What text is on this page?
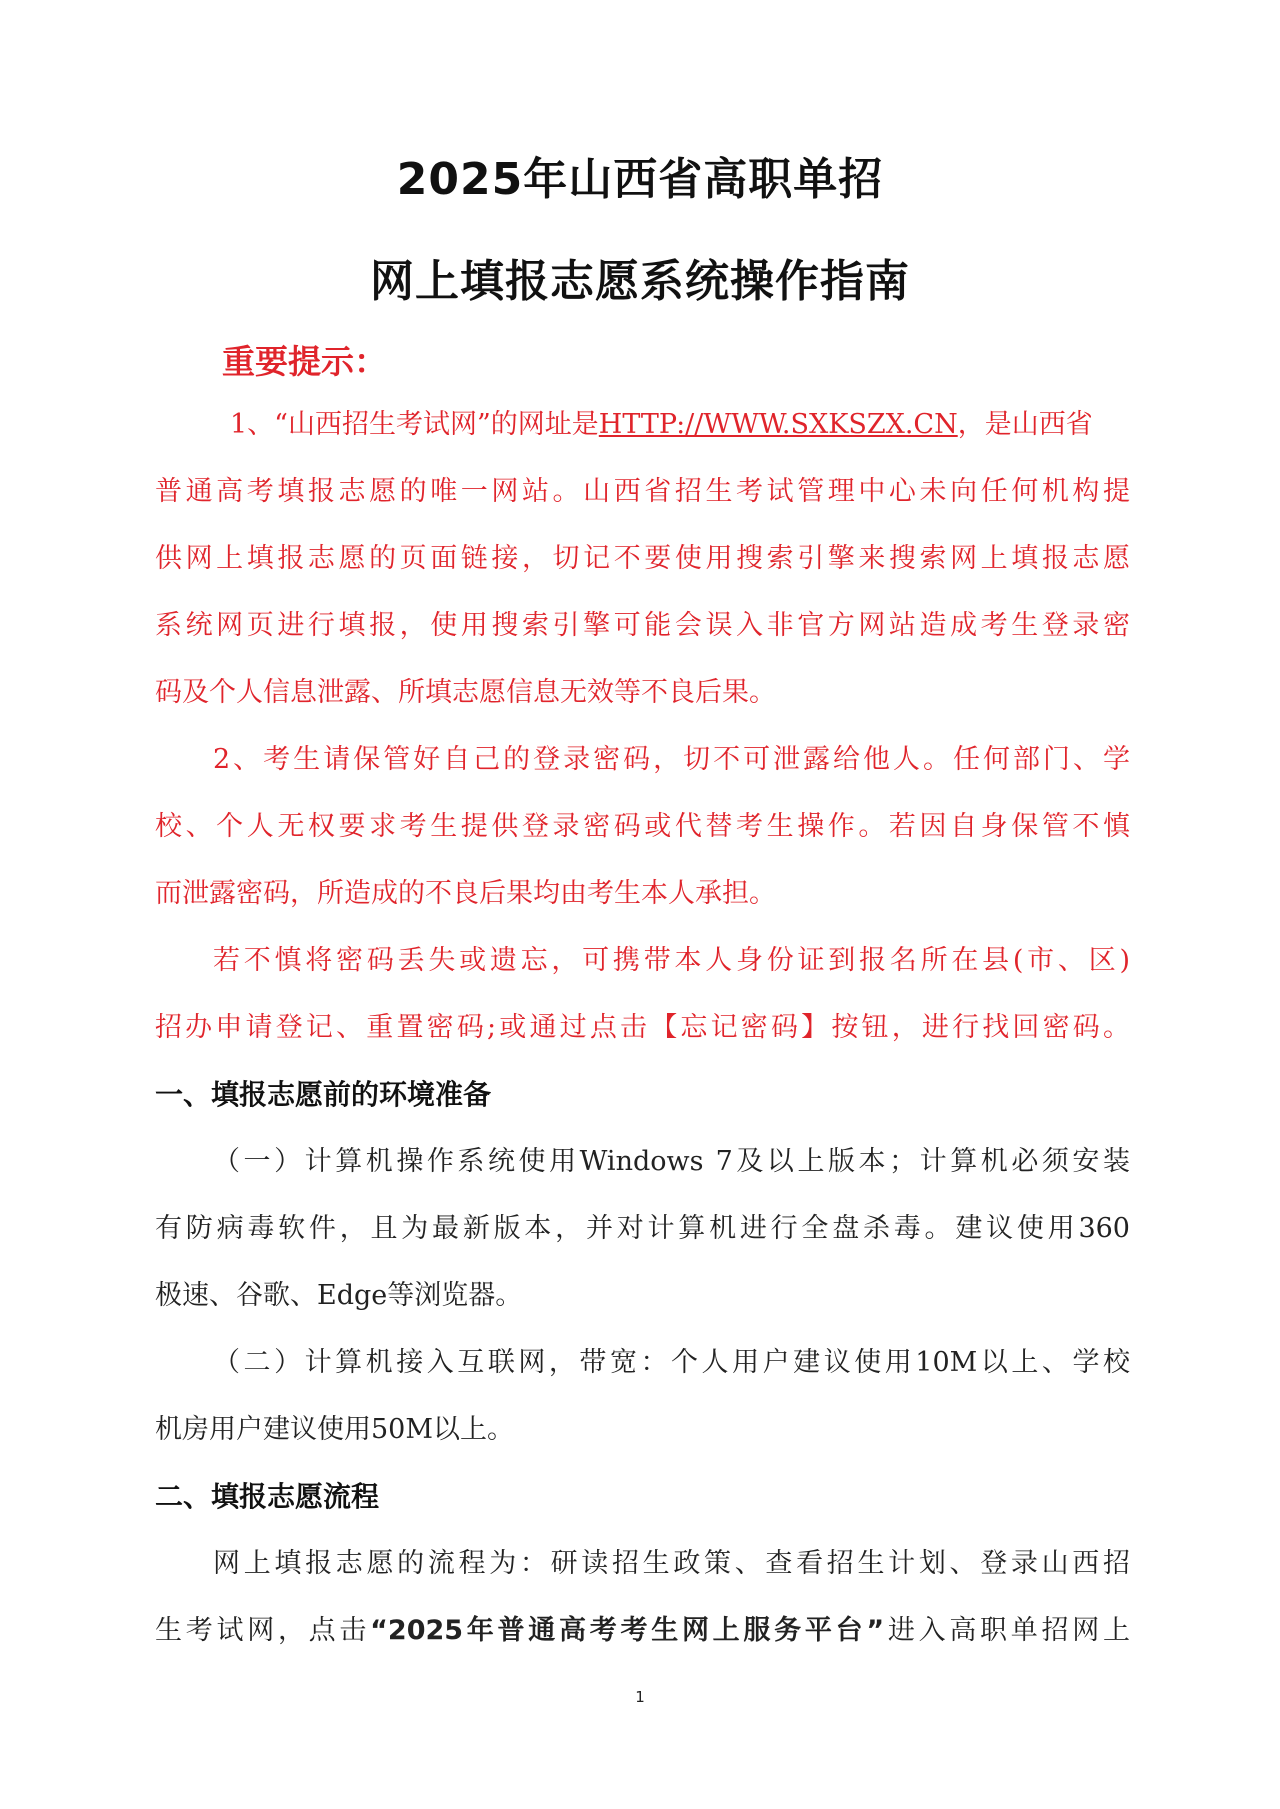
2025年山西省高职单招
网上填报志愿系统操作指南
重要提示：
1、“山西招生考试网”的网址是HTTP://WWW.SXKSZX.CN，是山西省
普通高考填报志愿的唯一网站。山西省招生考试管理中心未向任何机构提
供网上填报志愿的页面链接，切记不要使用搜索引擎来搜索网上填报志愿
系统网页进行填报，使用搜索引擎可能会误入非官方网站造成考生登录密
码及个人信息泄露、所填志愿信息无效等不良后果。
2、考生请保管好自己的登录密码，切不可泄露给他人。任何部门、学
校、个人无权要求考生提供登录密码或代替考生操作。若因自身保管不慎
而泄露密码，所造成的不良后果均由考生本人承担。
若不慎将密码丢失或遗忘，可携带本人身份证到报名所在县(市、区)
招办申请登记、重置密码;或通过点击【忘记密码】按钮，进行找回密码。
一、填报志愿前的环境准备
（一）计算机操作系统使用Windows 7及以上版本；计算机必须安装
有防病毒软件，且为最新版本，并对计算机进行全盘杀毒。建议使用360
极速、谷歌、Edge等浏览器。
（二）计算机接入互联网，带宽：个人用户建议使用10M以上、学校
机房用户建议使用50M以上。
二、填报志愿流程
网上填报志愿的流程为：研读招生政策、查看招生计划、登录山西招
生考试网，点击“2025年普通高考考生网上服务平台”进入高职单招网上
1
